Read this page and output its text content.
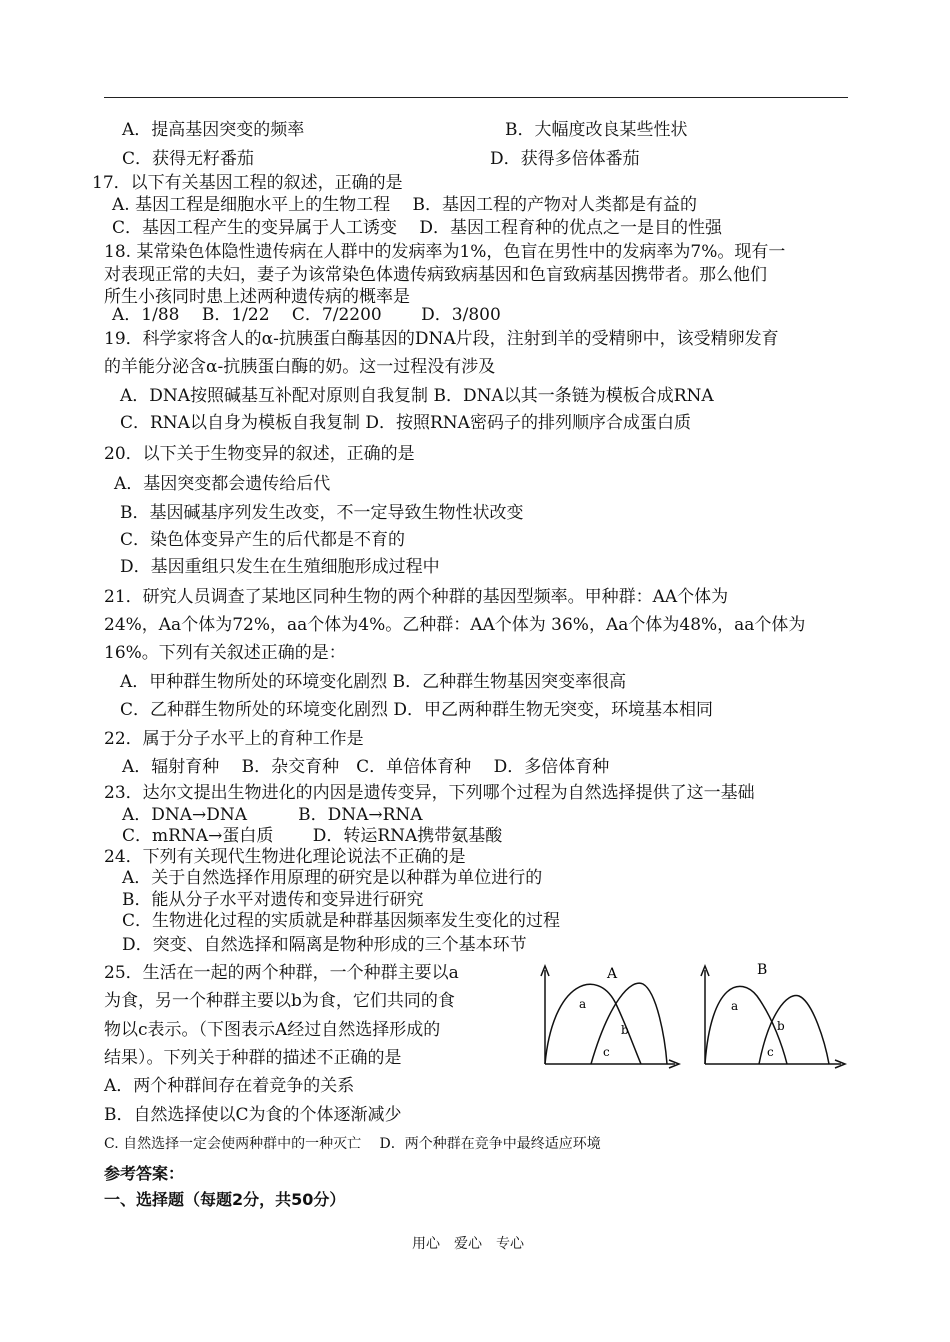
A．提高基因突变的频率	B．大幅度改良某些性状
C．获得无籽番茄	D．获得多倍体番茄
17．以下有关基因工程的叙述，正确的是
A. 基因工程是细胞水平上的生物工程　 B．基因工程的产物对人类都是有益的
C．基因工程产生的变异属于人工诱变　 D．基因工程育种的优点之一是目的性强
18. 某常染色体隐性遗传病在人群中的发病率为1%，色盲在男性中的发病率为7%。现有一
对表现正常的夫妇，妻子为该常染色体遗传病致病基因和色盲致病基因携带者。那么他们
所生小孩同时患上述两种遗传病的概率是
A．1/88　 B．1/22　 C．7/2200　　 D．3/800
19．科学家将含人的α-抗胰蛋白酶基因的DNA片段，注射到羊的受精卵中，该受精卵发育
的羊能分泌含α-抗胰蛋白酶的奶。这一过程没有涉及
A．DNA按照碱基互补配对原则自我复制 B．DNA以其一条链为模板合成RNA
C．RNA以自身为模板自我复制 D．按照RNA密码子的排列顺序合成蛋白质
20．以下关于生物变异的叙述，正确的是
A．基因突变都会遗传给后代
B．基因碱基序列发生改变，不一定导致生物性状改变
C．染色体变异产生的后代都是不育的
D．基因重组只发生在生殖细胞形成过程中
21．研究人员调查了某地区同种生物的两个种群的基因型频率。甲种群：AA个体为
24%，Aa个体为72%，aa个体为4%。乙种群：AA个体为 36%，Aa个体为48%，aa个体为
16%。下列有关叙述正确的是：
A．甲种群生物所处的环境变化剧烈 B．乙种群生物基因突变率很高
C．乙种群生物所处的环境变化剧烈 D．甲乙两种群生物无突变，环境基本相同
22．属于分子水平上的育种工作是
A．辐射育种　 B．杂交育种　C．单倍体育种　 D．多倍体育种
23．达尔文提出生物进化的内因是遗传变异，下列哪个过程为自然选择提供了这一基础
A．DNA→DNA　　　B．DNA→RNA
C．mRNA→蛋白质　　 D．转运RNA携带氨基酸
24．下列有关现代生物进化理论说法不正确的是
A．关于自然选择作用原理的研究是以种群为单位进行的
B．能从分子水平对遗传和变异进行研究
C．生物进化过程的实质就是种群基因频率发生变化的过程
D．突变、自然选择和隔离是物种形成的三个基本环节
25．生活在一起的两个种群，一个种群主要以a
为食，另一个种群主要以b为食，它们共同的食
物以c表示。（下图表示A经过自然选择形成的
结果）。下列关于种群的描述不正确的是
A．两个种群间存在着竞争的关系
B．自然选择使以C为食的个体逐渐减少
C. 自然选择一定会使两种群中的一种灭亡　 D．两个种群在竞争中最终适应环境
A
a
b
c
B
a
b
c
参考答案：
一、选择题（每题2分，共50分）
用心　爱心　专心
